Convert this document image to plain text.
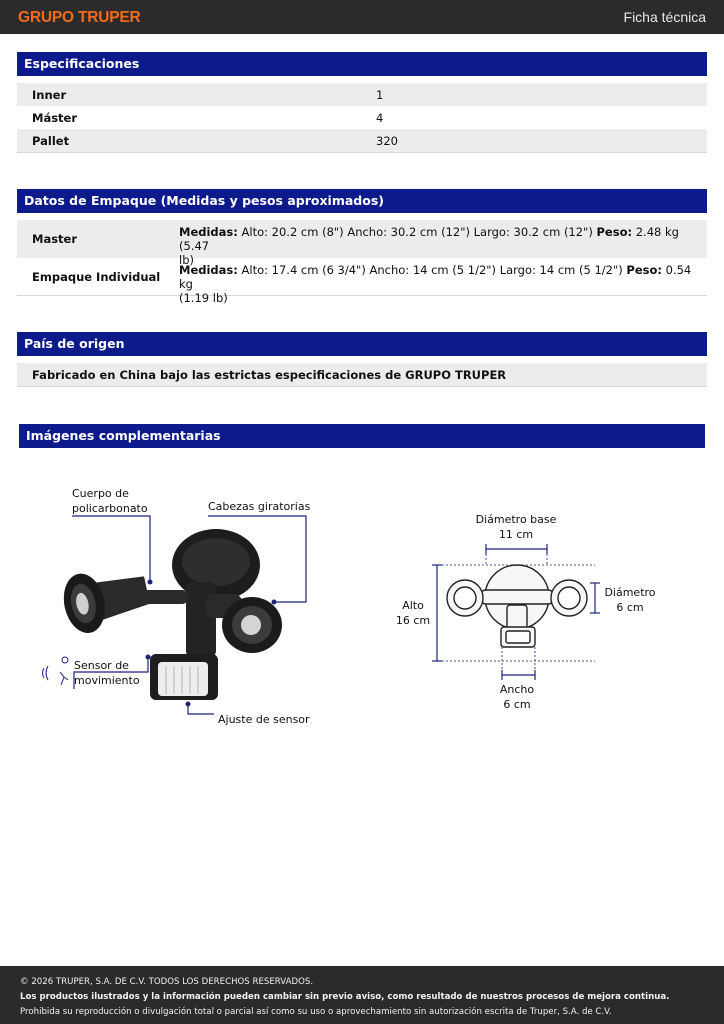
GRUPO TRUPER	Ficha técnica
Especificaciones
Inner	1
Máster	4
Pallet	320
Datos de Empaque (Medidas y pesos aproximados)
Master	Medidas: Alto: 20.2 cm (8") Ancho: 30.2 cm (12") Largo: 30.2 cm (12") Peso: 2.48 kg (5.47
lb)
Empaque Individual Medidas: Alto: 17.4 cm (6 3/4") Ancho: 14 cm (5 1/2") Largo: 14 cm (5 1/2") Peso: 0.54 kg
(1.19 lb)
País de origen
Fabricado en China bajo las estrictas especificaciones de GRUPO TRUPER
Imágenes complementarias
Cuerpo de
policarbonato	Cabezas giratorias
Sensor de
movimiento
Ajuste de sensor
Diámetro base
11 cm
Alto
16 cm
Diámetro
6 cm
Ancho
6 cm
© 2026 TRUPER, S.A. DE C.V. TODOS LOS DERECHOS RESERVADOS.
Los productos ilustrados y la información pueden cambiar sin previo aviso, como resultado de nuestros procesos de mejora continua.
Prohibida su reproducción o divulgación total o parcial así como su uso o aprovechamiento sin autorización escrita de Truper, S.A. de C.V.
